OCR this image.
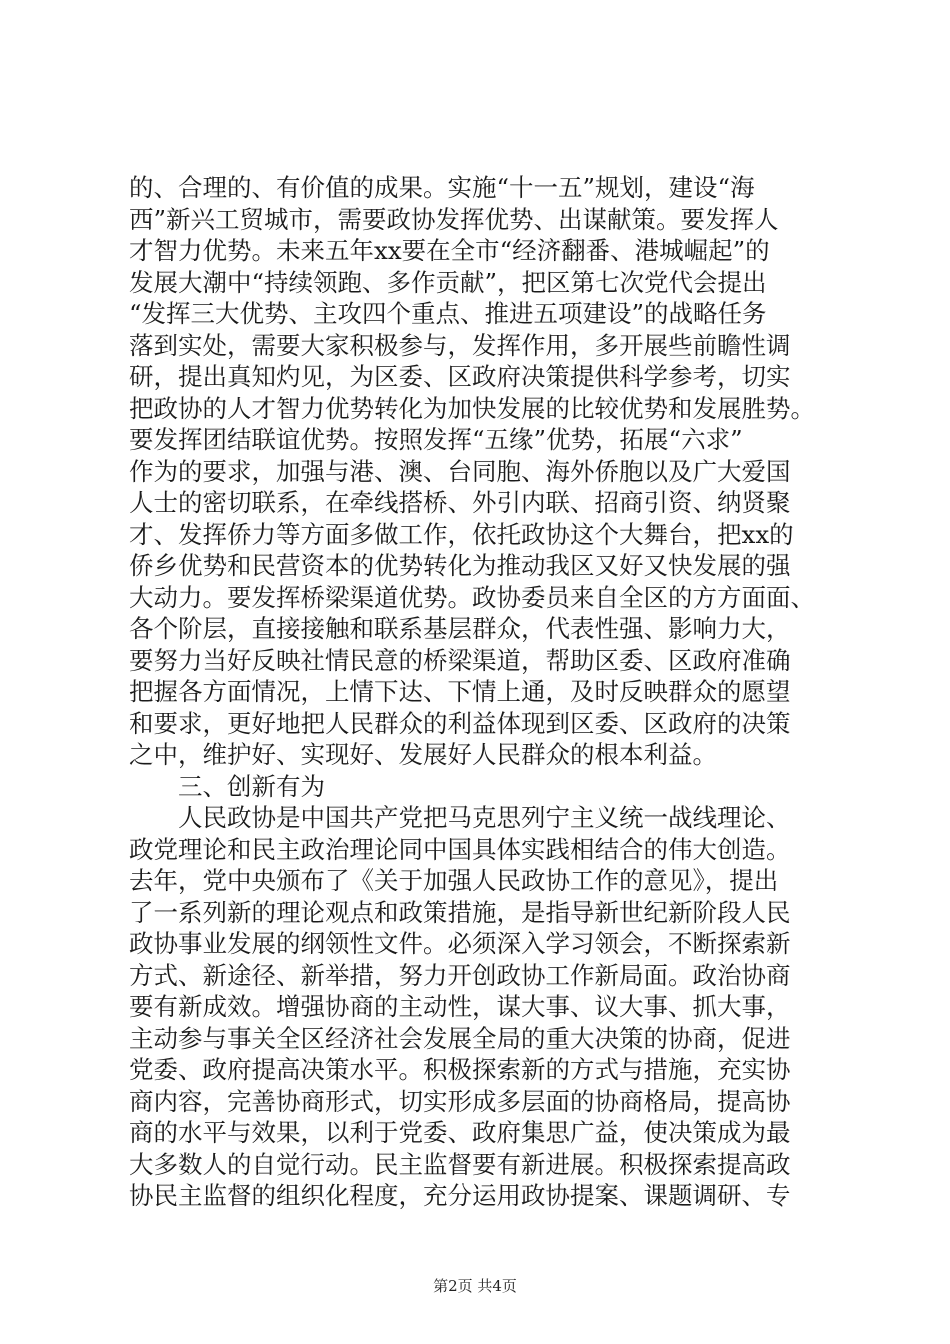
的、合理的、有价值的成果。实施“十一五”规划，建设“海
西”新兴工贸城市，需要政协发挥优势、出谋献策。要发挥人
才智力优势。未来五年xx要在全市“经济翻番、港城崛起”的
发展大潮中“持续领跑、多作贡献”，把区第七次党代会提出
“发挥三大优势、主攻四个重点、推进五项建设”的战略任务
落到实处，需要大家积极参与，发挥作用，多开展些前瞻性调
研，提出真知灼见，为区委、区政府决策提供科学参考，切实
把政协的人才智力优势转化为加快发展的比较优势和发展胜势。
要发挥团结联谊优势。按照发挥“五缘”优势，拓展“六求”
作为的要求，加强与港、澳、台同胞、海外侨胞以及广大爱国
人士的密切联系，在牵线搭桥、外引内联、招商引资、纳贤聚
才、发挥侨力等方面多做工作，依托政协这个大舞台，把xx的
侨乡优势和民营资本的优势转化为推动我区又好又快发展的强
大动力。要发挥桥梁渠道优势。政协委员来自全区的方方面面、
各个阶层，直接接触和联系基层群众，代表性强、影响力大，
要努力当好反映社情民意的桥梁渠道，帮助区委、区政府准确
把握各方面情况，上情下达、下情上通，及时反映群众的愿望
和要求，更好地把人民群众的利益体现到区委、区政府的决策
之中，维护好、实现好、发展好人民群众的根本利益。
三、创新有为
人民政协是中国共产党把马克思列宁主义统一战线理论、
政党理论和民主政治理论同中国具体实践相结合的伟大创造。
去年，党中央颁布了《关于加强人民政协工作的意见》，提出
了一系列新的理论观点和政策措施，是指导新世纪新阶段人民
政协事业发展的纲领性文件。必须深入学习领会，不断探索新
方式、新途径、新举措，努力开创政协工作新局面。政治协商
要有新成效。增强协商的主动性，谋大事、议大事、抓大事，
主动参与事关全区经济社会发展全局的重大决策的协商，促进
党委、政府提高决策水平。积极探索新的方式与措施，充实协
商内容，完善协商形式，切实形成多层面的协商格局，提高协
商的水平与效果，以利于党委、政府集思广益，使决策成为最
大多数人的自觉行动。民主监督要有新进展。积极探索提高政
协民主监督的组织化程度，充分运用政协提案、课题调研、专
第2页 共4页
